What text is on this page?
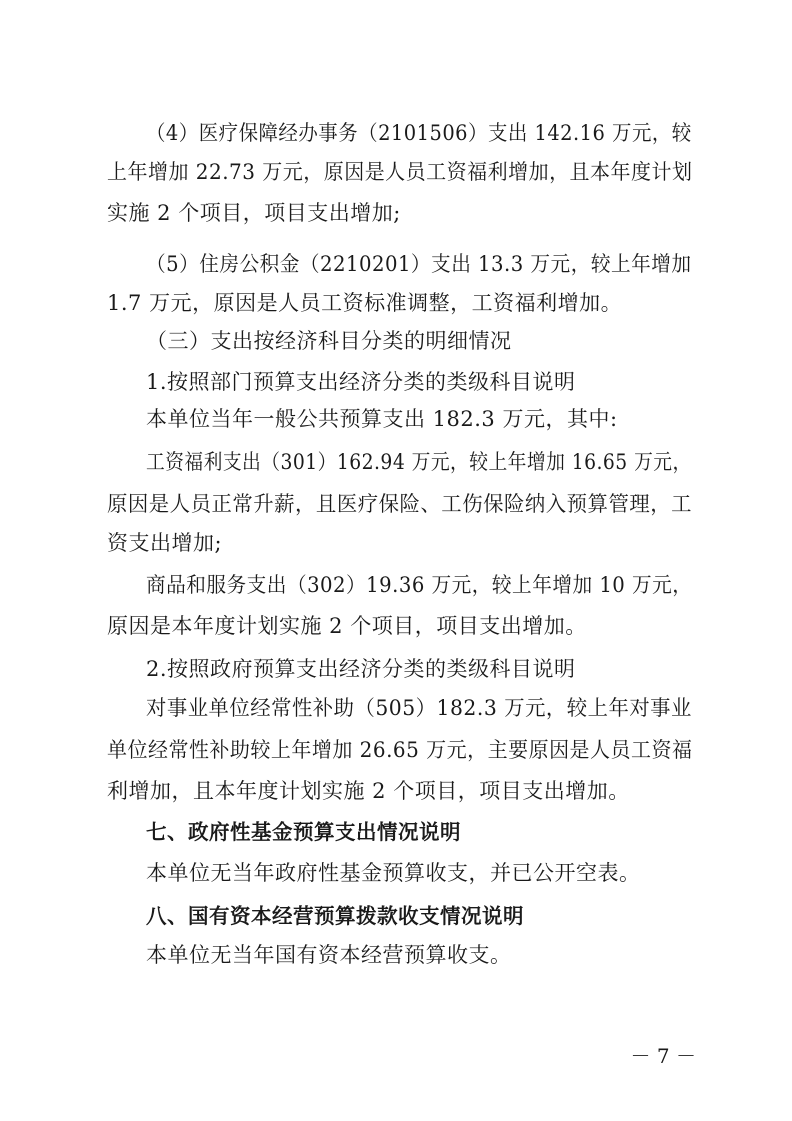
（4）医疗保障经办事务（2101506）支出 142.16 万元，较

上年增加 22.73 万元，原因是人员工资福利增加，且本年度计划

实施 2 个项目，项目支出增加;

（5）住房公积金（2210201）支出 13.3 万元，较上年增加

1.7 万元，原因是人员工资标准调整，工资福利增加。

（三）支出按经济科目分类的明细情况

1.按照部门预算支出经济分类的类级科目说明

本单位当年一般公共预算支出 182.3 万元，其中:

工资福利支出（301）162.94 万元，较上年增加 16.65 万元，

原因是人员正常升薪，且医疗保险、工伤保险纳入预算管理，工

资支出增加;

商品和服务支出（302）19.36 万元，较上年增加 10 万元，

原因是本年度计划实施 2 个项目，项目支出增加。

2.按照政府预算支出经济分类的类级科目说明

对事业单位经常性补助（505）182.3 万元，较上年对事业

单位经常性补助较上年增加 26.65 万元，主要原因是人员工资福

利增加，且本年度计划实施 2 个项目，项目支出增加。

七、政府性基金预算支出情况说明

本单位无当年政府性基金预算收支，并已公开空表。

八、国有资本经营预算拨款收支情况说明

本单位无当年国有资本经营预算收支。

－ 7 －
